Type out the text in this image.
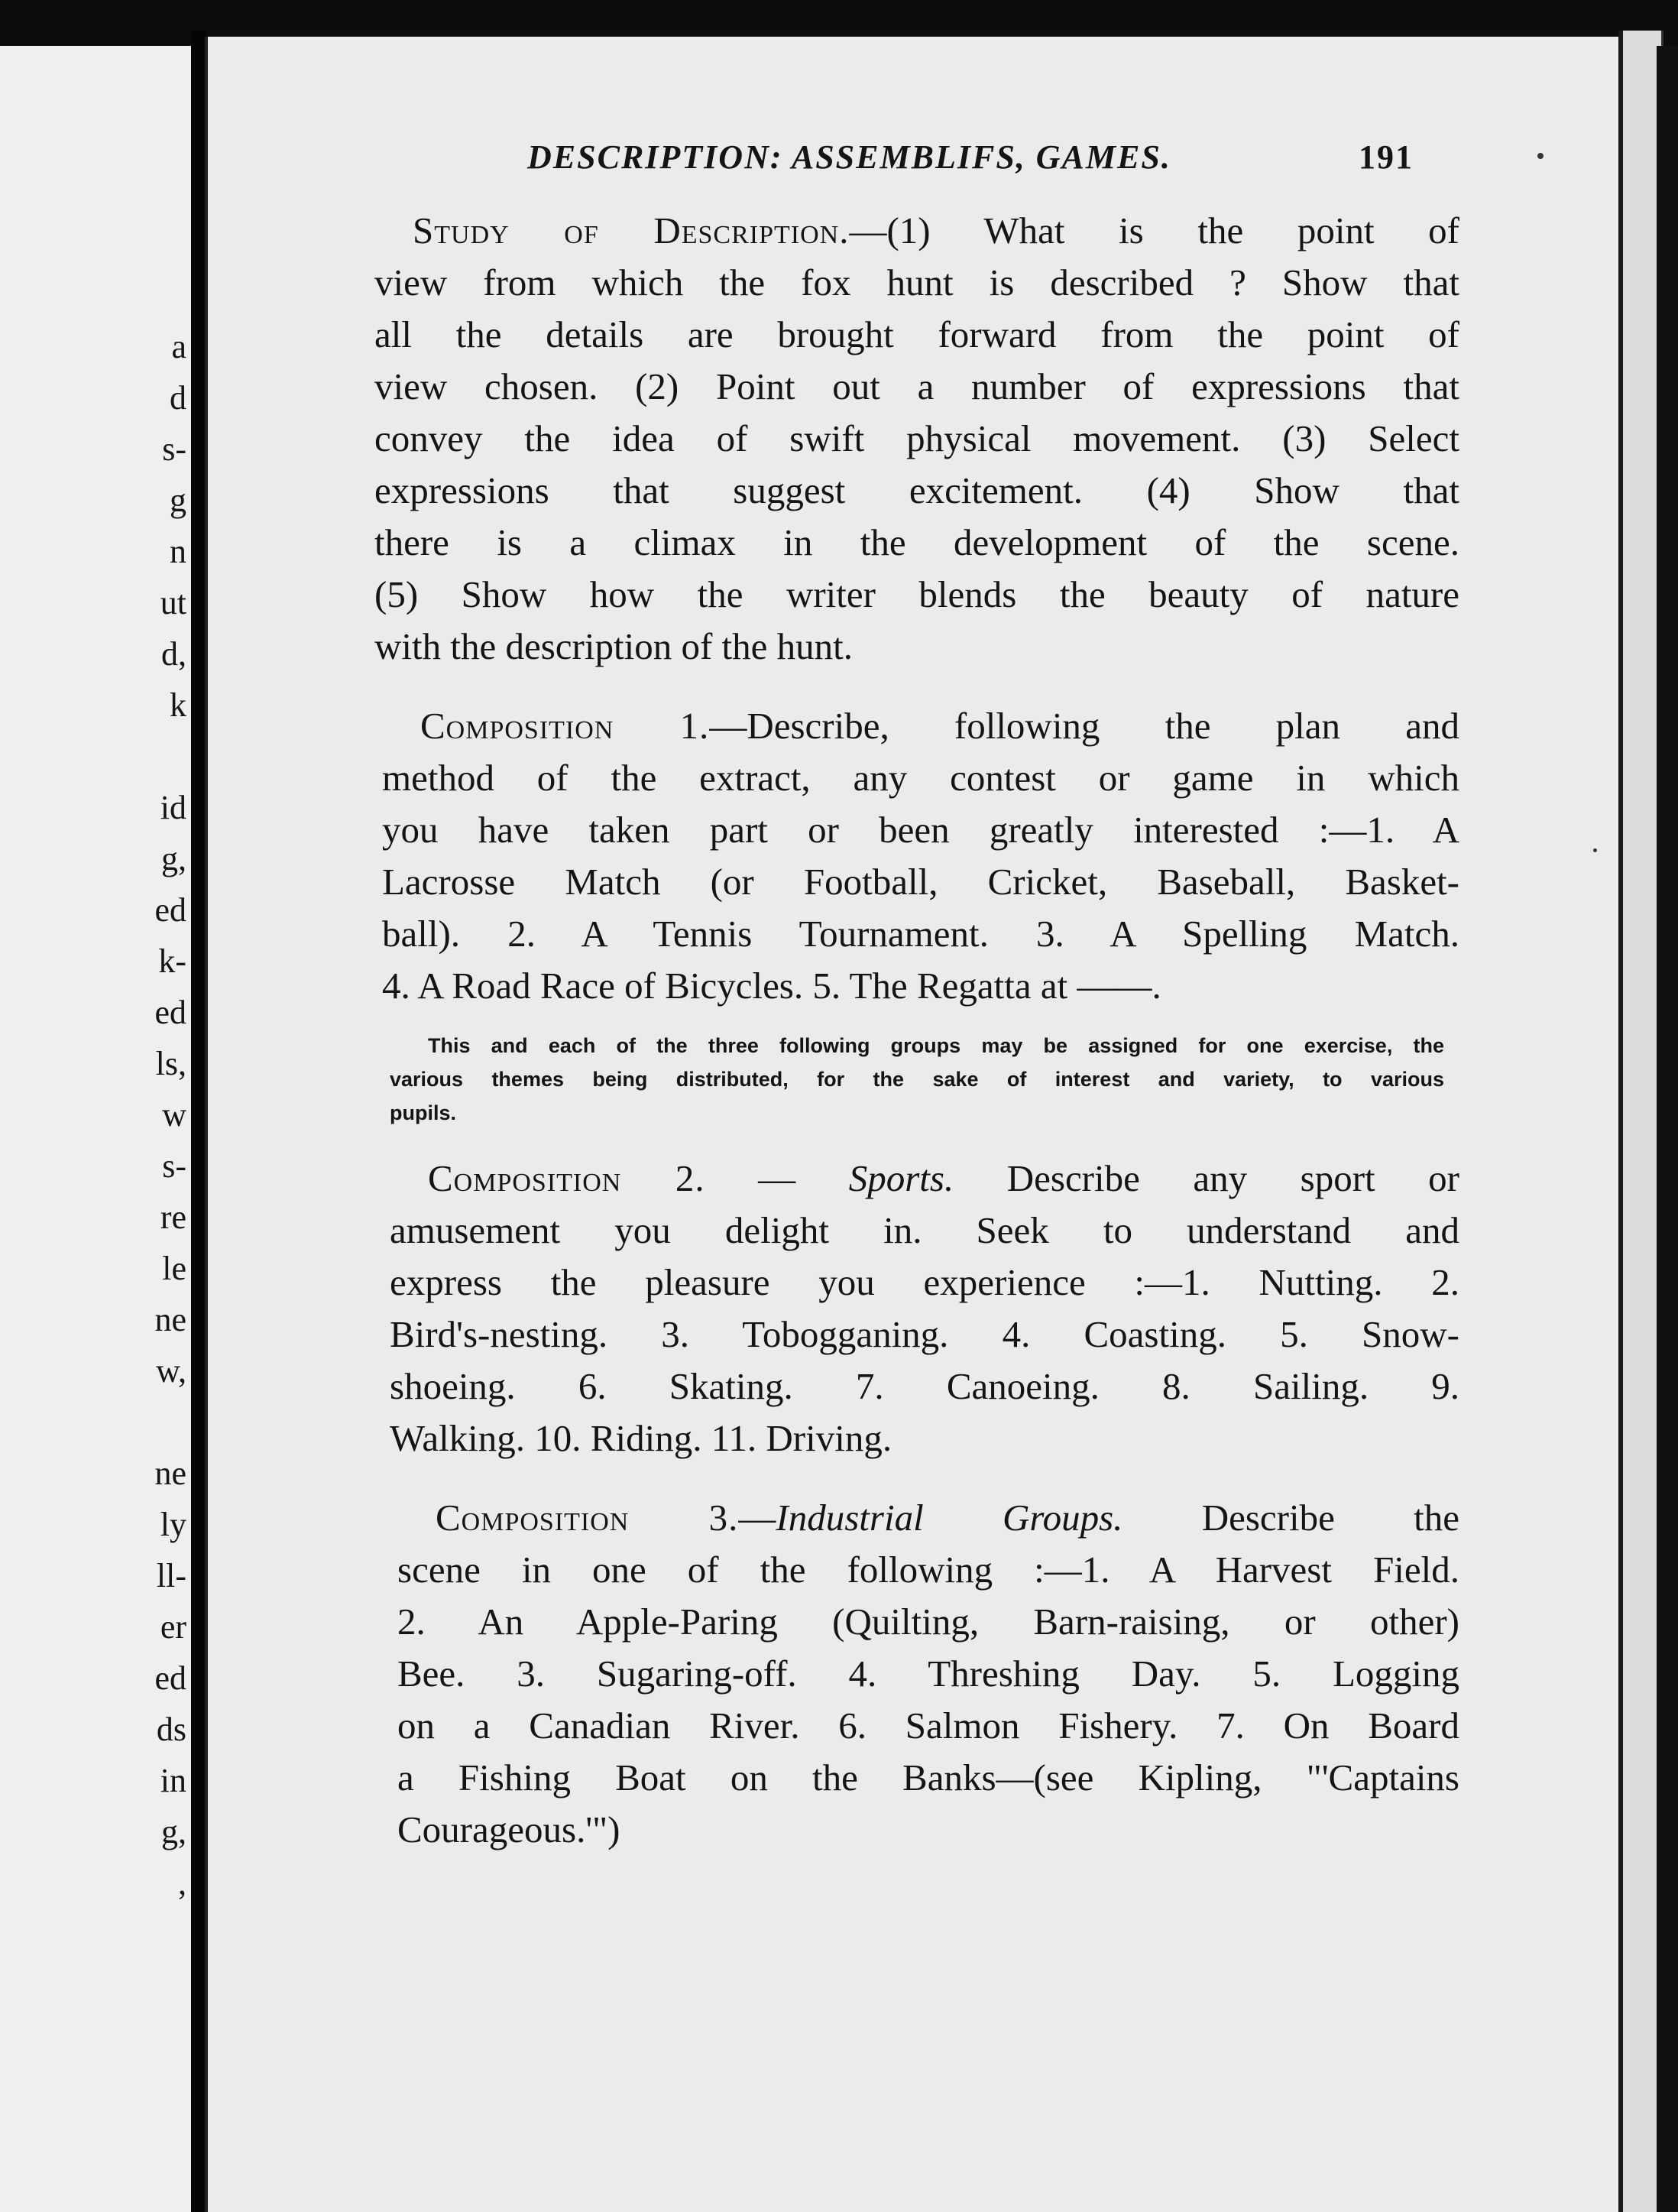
a
d
s-
g
n
ut
d,
k
id
g,
ed
k-
ed
ls,
w
s-
re
le
ne
w,
ne
ly
ll-
er
ed
ds
in
g,
,
DESCRIPTION: ASSEMBLIFS, GAMES.	191
Study of Description.—(1) What is the point of
view from which the fox hunt is described ? Show that
all the details are brought forward from the point of
view chosen. (2) Point out a number of expressions that
convey the idea of swift physical movement. (3) Select
expressions that suggest excitement. (4) Show that
there is a climax in the development of the scene.
(5) Show how the writer blends the beauty of nature
with the description of the hunt.
Composition 1.—Describe, following the plan and
method of the extract, any contest or game in which
you have taken part or been greatly interested :—1. A
Lacrosse Match (or Football, Cricket, Baseball, Basket-
ball). 2. A Tennis Tournament. 3. A Spelling Match.
4. A Road Race of Bicycles. 5. The Regatta at ——.
This and each of the three following groups may be assigned for one exercise, the
various themes being distributed, for the sake of interest and variety, to various
pupils.
Composition 2. — Sports. Describe any sport or
amusement you delight in. Seek to understand and
express the pleasure you experience :—1. Nutting. 2.
Bird's-nesting. 3. Tobogganing. 4. Coasting. 5. Snow-
shoeing. 6. Skating. 7. Canoeing. 8. Sailing. 9.
Walking. 10. Riding. 11. Driving.
Composition 3.—Industrial Groups. Describe the
scene in one of the following :—1. A Harvest Field.
2. An Apple-Paring (Quilting, Barn-raising, or other)
Bee. 3. Sugaring-off. 4. Threshing Day. 5. Logging
on a Canadian River. 6. Salmon Fishery. 7. On Board
a Fishing Boat on the Banks—(see Kipling, "'Captains
Courageous.'")
